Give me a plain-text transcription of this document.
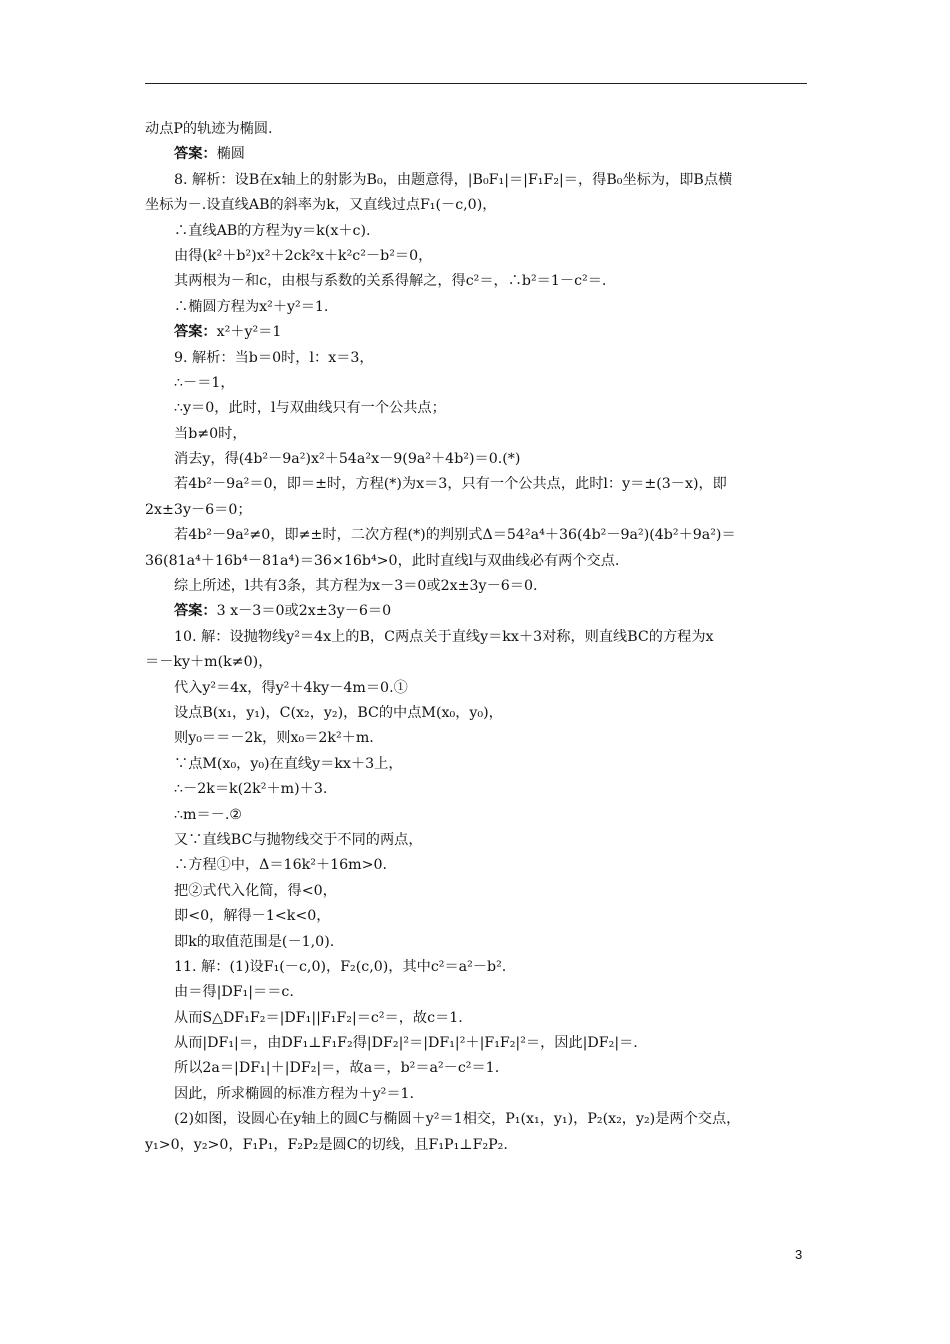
动点P的轨迹为椭圆.
答案：椭圆
8. 解析：设B在x轴上的射影为B₀，由题意得，|B₀F₁|＝|F₁F₂|＝，得B₀坐标为，即B点横
坐标为－.设直线AB的斜率为k，又直线过点F₁(－c,0)，
∴直线AB的方程为y＝k(x＋c).
由得(k²＋b²)x²＋2ck²x＋k²c²－b²＝0，
其两根为－和c，由根与系数的关系得解之，得c²＝，∴b²＝1－c²＝.
∴椭圆方程为x²＋y²＝1.
答案：x²＋y²＝1
9. 解析：当b＝0时，l：x＝3，
∴－＝1，
∴y＝0，此时，l与双曲线只有一个公共点；
当b≠0时，
消去y，得(4b²－9a²)x²＋54a²x－9(9a²＋4b²)＝0.(*)
若4b²－9a²＝0，即＝±时，方程(*)为x＝3，只有一个公共点，此时l：y＝±(3－x)，即
2x±3y－6＝0；
若4b²－9a²≠0，即≠±时，二次方程(*)的判别式Δ＝54²a⁴＋36(4b²－9a²)(4b²＋9a²)＝
36(81a⁴＋16b⁴－81a⁴)＝36×16b⁴>0，此时直线l与双曲线必有两个交点.
综上所述，l共有3条，其方程为x－3＝0或2x±3y－6＝0.
答案：3 x－3＝0或2x±3y－6＝0
10. 解：设抛物线y²＝4x上的B，C两点关于直线y＝kx＋3对称，则直线BC的方程为x
＝－ky＋m(k≠0)，
代入y²＝4x，得y²＋4ky－4m＝0.①
设点B(x₁，y₁)，C(x₂，y₂)，BC的中点M(x₀，y₀)，
则y₀＝＝－2k，则x₀＝2k²＋m.
∵点M(x₀，y₀)在直线y＝kx＋3上，
∴－2k＝k(2k²＋m)＋3.
∴m＝－.②
又∵直线BC与抛物线交于不同的两点，
∴方程①中，Δ＝16k²＋16m>0.
把②式代入化简，得<0，
即<0，解得－1<k<0，
即k的取值范围是(－1,0).
11. 解：(1)设F₁(－c,0)，F₂(c,0)，其中c²＝a²－b².
由＝得|DF₁|＝＝c.
从而S△DF₁F₂＝|DF₁||F₁F₂|＝c²＝，故c＝1.
从而|DF₁|＝，由DF₁⊥F₁F₂得|DF₂|²＝|DF₁|²＋|F₁F₂|²＝，因此|DF₂|＝.
所以2a＝|DF₁|＋|DF₂|＝，故a＝，b²＝a²－c²＝1.
因此，所求椭圆的标准方程为＋y²＝1.
(2)如图，设圆心在y轴上的圆C与椭圆＋y²＝1相交，P₁(x₁，y₁)，P₂(x₂，y₂)是两个交点，
y₁>0，y₂>0，F₁P₁，F₂P₂是圆C的切线，且F₁P₁⊥F₂P₂.
3
